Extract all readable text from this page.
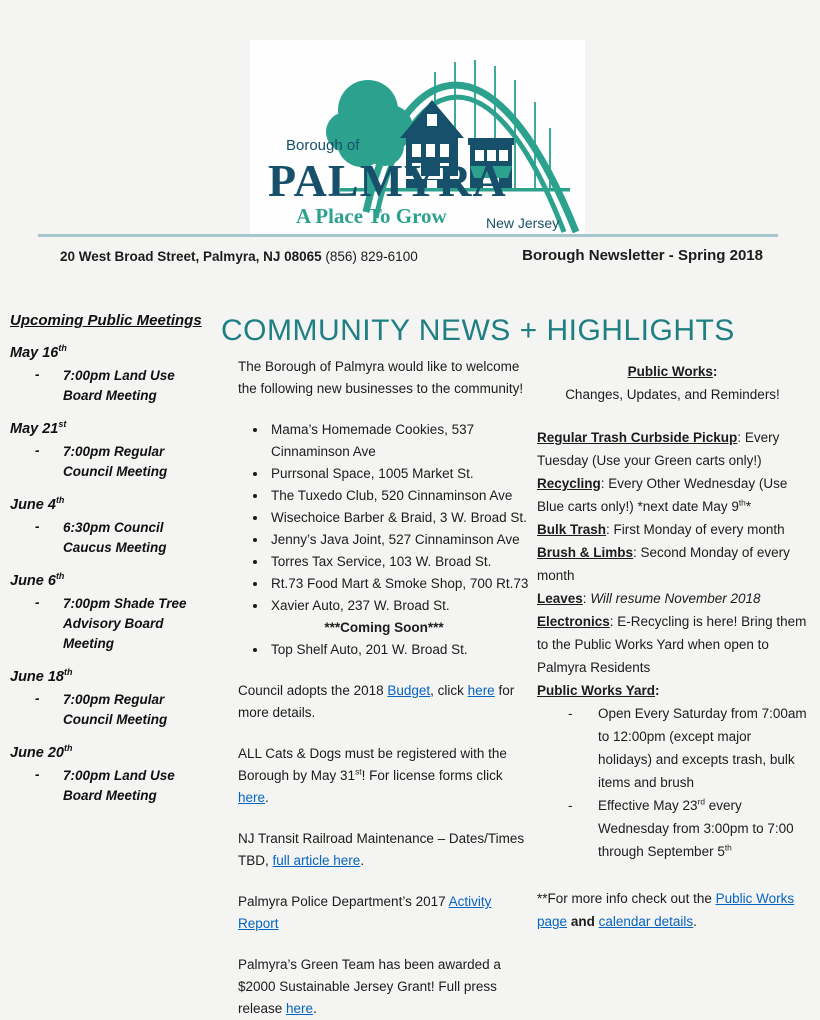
Borough of
PALMYRA
A Place To Grow	New Jersey
20 West Broad Street, Palmyra, NJ 08065 (856) 829-6100	Borough Newsletter - Spring 2018
Upcoming Public Meetings
May 16th
-	7:00pm Land Use Board Meeting
May 21st
-	7:00pm Regular Council Meeting
June 4th
-	6:30pm Council Caucus Meeting
June 6th
-	7:00pm Shade Tree Advisory Board Meeting
June 18th
-	7:00pm Regular Council Meeting
June 20th
-	7:00pm Land Use Board Meeting
COMMUNITY NEWS + HIGHLIGHTS

The Borough of Palmyra would like to welcome the following new businesses to the community!

• Mama’s Homemade Cookies, 537 Cinnaminson Ave
• Purrsonal Space, 1005 Market St.
• The Tuxedo Club, 520 Cinnaminson Ave
• Wisechoice Barber & Braid, 3 W. Broad St.
• Jenny’s Java Joint, 527 Cinnaminson Ave
• Torres Tax Service, 103 W. Broad St.
• Rt.73 Food Mart & Smoke Shop, 700 Rt.73
• Xavier Auto, 237 W. Broad St.
***Coming Soon***
• Top Shelf Auto, 201 W. Broad St.

Council adopts the 2018 Budget, click here for more details.

ALL Cats & Dogs must be registered with the Borough by May 31st! For license forms click here.

NJ Transit Railroad Maintenance – Dates/Times TBD, full article here.

Palmyra Police Department’s 2017 Activity Report

Palmyra’s Green Team has been awarded a $2000 Sustainable Jersey Grant! Full press release here.

Public Works:

Changes, Updates, and Reminders!

Regular Trash Curbside Pickup: Every Tuesday (Use your Green carts only!)

Recycling: Every Other Wednesday (Use Blue carts only!) *next date May 9th*

Bulk Trash: First Monday of every month

Brush & Limbs: Second Monday of every month

Leaves: Will resume November 2018

Electronics: E-Recycling is here! Bring them to the Public Works Yard when open to Palmyra Residents

Public Works Yard:

- Open Every Saturday from 7:00am to 12:00pm (except major holidays) and excepts trash, bulk items and brush
- Effective May 23rd every Wednesday from 3:00pm to 7:00 through September 5th

**For more info check out the Public Works page and calendar details.
